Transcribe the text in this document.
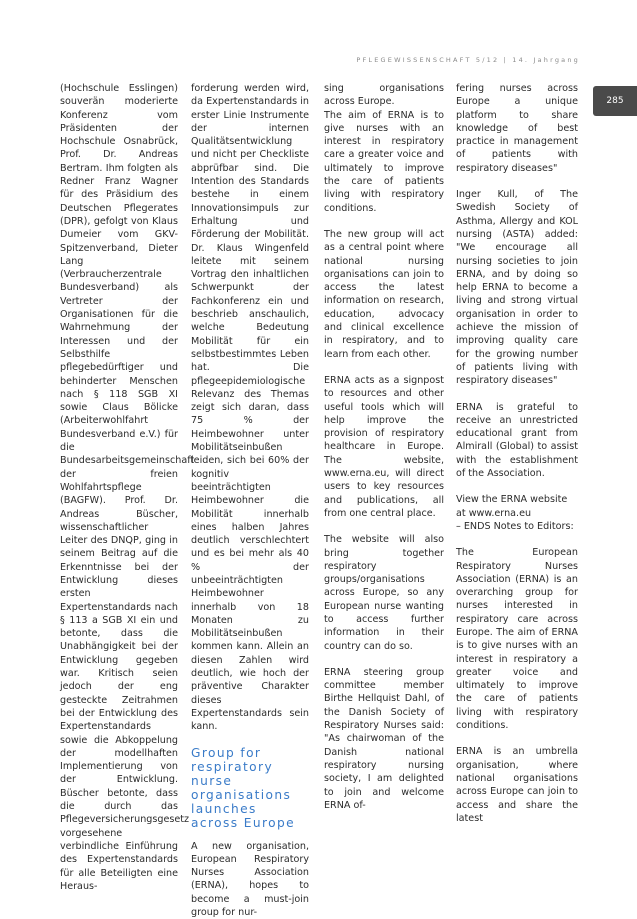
PFLEGEWISSENSCHAFT 5/12 | 14. Jahrgang
285

(Hochschule Esslingen) souverän moderierte Konferenz vom Präsidenten der Hochschule Osnabrück, Prof. Dr. Andreas Bertram. Ihm folgten als Redner Franz Wagner für des Präsidium des Deutschen Pflegerates (DPR), gefolgt von Klaus Dumeier vom GKV-Spitzenverband, Dieter Lang (Verbraucherzentrale Bundesverband) als Vertreter der Organisationen für die Wahrnehmung der Interessen und der Selbsthilfe pflegebedürftiger und behinderter Menschen nach § 118 SGB XI sowie Claus Bölicke (Arbeiterwohlfahrt Bundesverband e.V.) für die Bundesarbeitsgemeinschaft der freien Wohlfahrtspflege (BAGFW). Prof. Dr. Andreas Büscher, wissenschaftlicher Leiter des DNQP, ging in seinem Beitrag auf die Erkenntnisse bei der Entwicklung dieses ersten Expertenstandards nach § 113 a SGB XI ein und betonte, dass die Unabhängigkeit bei der Entwicklung gegeben war. Kritisch seien jedoch der eng gesteckte Zeitrahmen bei der Entwicklung des Expertenstandards sowie die Abkoppelung der modellhaften Implementierung von der Entwicklung. Büscher betonte, dass die durch das Pflegeversicherungsgesetz vorgesehene verbindliche Einführung des Expertenstandards für alle Beteiligten eine Heraus-

forderung werden wird, da Expertenstandards in erster Linie Instrumente der internen Qualitätsentwicklung und nicht per Checkliste abprüfbar sind. Die Intention des Standards bestehe in einem Innovationsimpuls zur Erhaltung und Förderung der Mobilität. Dr. Klaus Wingenfeld leitete mit seinem Vortrag den inhaltlichen Schwerpunkt der Fachkonferenz ein und beschrieb anschaulich, welche Bedeutung Mobilität für ein selbstbestimmtes Leben hat. Die pflegeepidemiologische Relevanz des Themas zeigt sich daran, dass 75 % der Heimbewohner unter Mobilitätseinbußen leiden, sich bei 60% der kognitiv beeinträchtigten Heimbewohner die Mobilität innerhalb eines halben Jahres deutlich verschlechtert und es bei mehr als 40 % der unbeeinträchtigten Heimbewohner innerhalb von 18 Monaten zu Mobilitätseinbußen kommen kann. Allein an diesen Zahlen wird deutlich, wie hoch der präventive Charakter dieses Expertenstandards sein kann.

Group for respiratory nurse organisations launches across Europe

A new organisation, European Respiratory Nurses Association (ERNA), hopes to become a must-join group for nur-

sing organisations across Europe.

The aim of ERNA is to give nurses with an interest in respiratory care a greater voice and ultimately to improve the care of patients living with respiratory conditions.

The new group will act as a central point where national nursing organisations can join to access the latest information on research, education, advocacy and clinical excellence in respiratory, and to learn from each other.

ERNA acts as a signpost to resources and other useful tools which will help improve the provision of respiratory healthcare in Europe. The website, www.erna.eu, will direct users to key resources and publications, all from one central place.

The website will also bring together respiratory groups/organisations across Europe, so any European nurse wanting to access further information in their country can do so.

ERNA steering group committee member Birthe Hellquist Dahl, of the Danish Society of Respiratory Nurses said: "As chairwoman of the Danish national respiratory nursing society, I am delighted to join and welcome ERNA of-

fering nurses across Europe a unique platform to share knowledge of best practice in management of patients with respiratory diseases"

Inger Kull, of The Swedish Society of Asthma, Allergy and KOL nursing (ASTA) added: "We encourage all nursing societies to join ERNA, and by doing so help ERNA to become a living and strong virtual organisation in order to achieve the mission of improving quality care for the growing number of patients living with respiratory diseases"

ERNA is grateful to receive an unrestricted educational grant from Almirall (Global) to assist with the establishment of the Association.

View the ERNA website at www.erna.eu

– ENDS Notes to Editors:

The European Respiratory Nurses Association (ERNA) is an overarching group for nurses interested in respiratory care across Europe. The aim of ERNA is to give nurses with an interest in respiratory a greater voice and ultimately to improve the care of patients living with respiratory conditions.

ERNA is an umbrella organisation, where national organisations across Europe can join to access and share the latest
